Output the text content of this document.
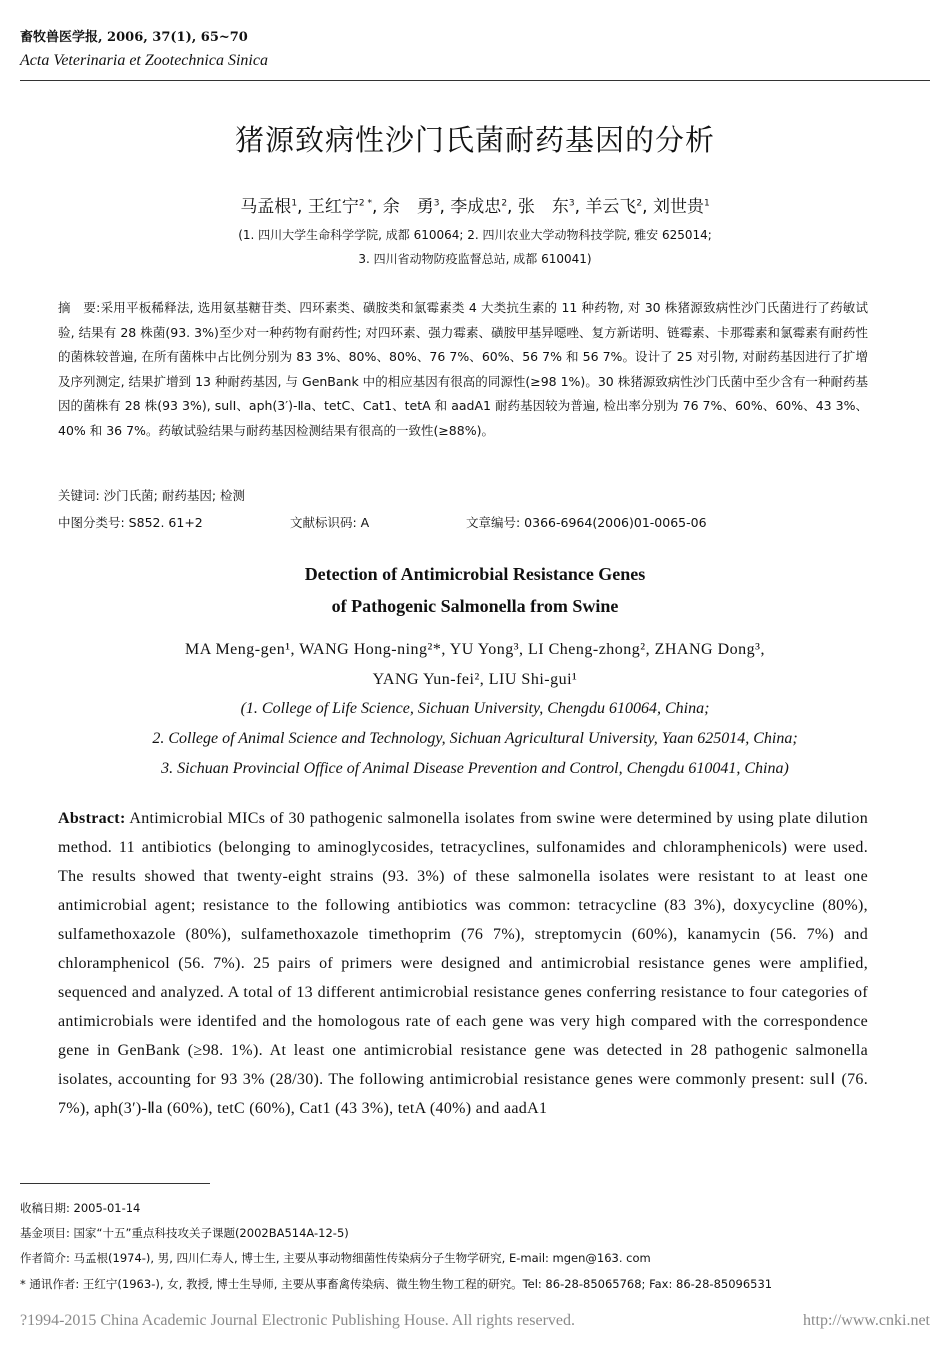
畜牧兽医学报, 2006, 37(1), 65~70
Acta Veterinaria et Zootechnica Sinica
猪源致病性沙门氏菌耐药基因的分析
马孟根$^1$, 王红宁$^{2 *}$, 余　勇$^3$, 李成忠$^2$, 张　东$^3$, 羊云飞$^2$, 刘世贵$^1$
(1. 四川大学生命科学学院, 成都 610064; 2. 四川农业大学动物科技学院, 雅安 625014;
3. 四川省动物防疫监督总站, 成都 610041)
摘　要:采用平板稀释法, 选用氨基糖苷类、四环素类、磺胺类和氯霉素类 4 大类抗生素的 11 种药物, 对 30 株猪源致病性沙门氏菌进行了药敏试验, 结果有 28 株菌(93. 3%)至少对一种药物有耐药性; 对四环素、强力霉素、磺胺甲基异噁唑、复方新诺明、链霉素、卡那霉素和氯霉素有耐药性的菌株较普遍, 在所有菌株中占比例分别为 83 3%、80%、80%、76 7%、60%、56 7% 和 56 7%。设计了 25 对引物, 对耐药基因进行了扩增及序列测定, 结果扩增到 13 种耐药基因, 与 GenBank 中的相应基因有很高的同源性(≥98 1%)。30 株猪源致病性沙门氏菌中至少含有一种耐药基因的菌株有 28 株(93 3%), sulⅠ、aph(3′)-Ⅱa、tetC、Cat1、tetA 和 aadA1 耐药基因较为普遍, 检出率分别为 76 7%、60%、60%、43 3%、40% 和 36 7%。药敏试验结果与耐药基因检测结果有很高的一致性(≥88%)。
关键词: 沙门氏菌; 耐药基因; 检测
中图分类号: S852. 61+2	文献标识码: A	文章编号: 0366-6964(2006)01-0065-06
Detection of Antimicrobial Resistance Genes
of Pathogenic Salmonella from Swine
MA Meng-gen¹, WANG Hong-ning²*, YU Yong³, LI Cheng-zhong², ZHANG Dong³,
YANG Yun-fei², LIU Shi-gui¹
(1. College of Life Science, Sichuan University, Chengdu 610064, China;
2. College of Animal Science and Technology, Sichuan Agricultural University, Yaan 625014, China;
3. Sichuan Provincial Office of Animal Disease Prevention and Control, Chengdu 610041, China)
Abstract: Antimicrobial MICs of 30 pathogenic salmonella isolates from swine were determined by using plate dilution method. 11 antibiotics (belonging to aminoglycosides, tetracyclines, sulfonamides and chloramphenicols) were used. The results showed that twenty-eight strains (93. 3%) of these salmonella isolates were resistant to at least one antimicrobial agent; resistance to the following antibiotics was common: tetracycline (83 3%), doxycycline (80%), sulfamethoxazole (80%), sulfamethoxazole timethoprim (76 7%), streptomycin (60%), kanamycin (56. 7%) and chloramphenicol (56. 7%). 25 pairs of primers were designed and antimicrobial resistance genes were amplified, sequenced and analyzed. A total of 13 different antimicrobial resistance genes conferring resistance to four categories of antimicrobials were identifed and the homologous rate of each gene was very high compared with the correspondence gene in GenBank (≥98. 1%). At least one antimicrobial resistance gene was detected in 28 pathogenic salmonella isolates, accounting for 93 3% (28/30). The following antimicrobial resistance genes were commonly present: sulⅠ (76. 7%), aph(3′)-Ⅱa (60%), tetC (60%), Cat1 (43 3%), tetA (40%) and aadA1
收稿日期: 2005-01-14
基金项目: 国家“十五”重点科技攻关子课题(2002BA514A-12-5)
作者简介: 马孟根(1974-), 男, 四川仁寿人, 博士生, 主要从事动物细菌性传染病分子生物学研究, E-mail: mgen@163. com
* 通讯作者: 王红宁(1963-), 女, 教授, 博士生导师, 主要从事畜禽传染病、微生物生物工程的研究。Tel: 86-28-85065768; Fax: 86-28-85096531
?1994-2015 China Academic Journal Electronic Publishing House. All rights reserved.	http://www.cnki.net
